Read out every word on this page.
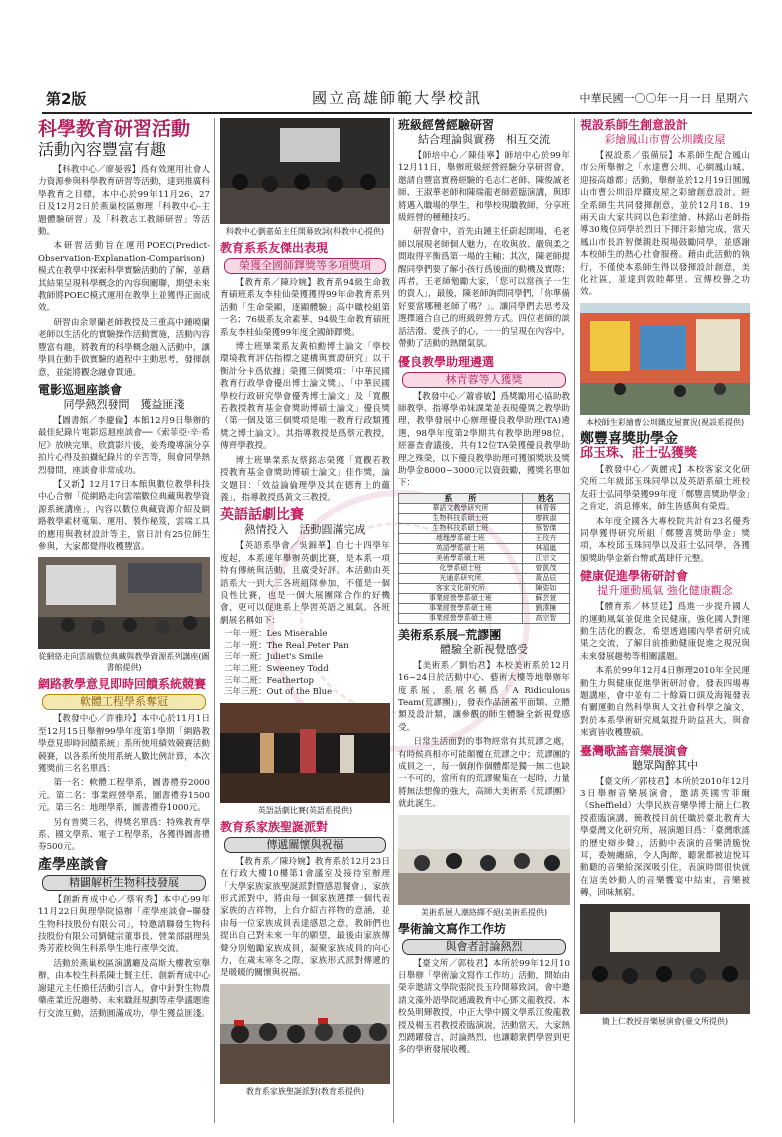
第2版	國立高雄師範大學校訊	中華民國一〇〇年一月一日 星期六
科學教育研習活動
活動內容豐富有趣

【科教中心／廖晏蓉】爲有效運用社會人力資源參與科學教育研習等活動，達到推廣科學教育之目標，本中心於99年11月26、27日及12月2日於燕巢校區辦理「科教中心-主題體驗研習」及「科教志工教師研習」等活動。

本研習活動旨在運用POEC(Predict-Observation-Explanation-Comparison)模式在教學中探索科學實驗活動的了解，並藉其結果呈現科學概念的內容與關聯，期望未來教師將POEC模式運用在教學上並獲得正面成效。

研習由余翠蘭老師教授及三重高中鍾曉蘭老師以生活化的實驗操作活動實施，活動內容豐富有趣，將教育的科學概念融入活動中，讓學員在動手做實驗的過程中主動思考，發揮創意，並能將觀念融會貫通。

電影巡迴座談會
同學熱烈發問　獲益匪淺

【圖書館／李慶倫】本館12月9日舉辦的最佳紀錄片電影巡迴座談會──《索菲亞·辛·希尼》放映完畢，欣賞影片後，姜秀瓊導演分享拍片心得及拍攝紀錄片的辛苦等，與會同學熱烈發問，座談會非常成功。

【又新】12月17日本館與數位教學科技中心合辦「從網路走向雲端數位典藏與教學資源系統講座」，內容以數位典藏資源介紹及網路教學素材蒐集、運用、製作秘笈，雲端工具的應用與教材設計等主，當日計有25位師生參與，大家都覺得收穫豐富。

從網絡走向雲端數位典藏與教學資源系列講座(圖書館提供)
網路教學意見即時回饋系統競賽
軟體工程學系奪冠

【教發中心／許雅玲】本中心於11月1日至12月15日舉辦99學年度第1學期「網路教學意見即時回饋系統」系所使用績效競賽活動競賽，以各系所使用系統人數比例計算，本次獲獎前三名名單爲：

第一名：軟體工程學系，圖書禮券2000元。第二名：事業經營學系，圖書禮券1500元。第三名：地理學系，圖書禮券1000元。

另有普獎三名，得獎名單爲：特殊教育學系、國文學系、電子工程學系，各獲得圖書禮券500元。

產學座談會
精闢解析生物科技發展

【創新育成中心／蔡宥秀】本中心99年11月22日與理學院協辦「產學座談會─聯發生物科技股份有限公司」，特邀請聯發生物科技股份有限公司劉健宗董事長、營業部副理吳秀芳蒞校與生科系學生進行產學交流。

活動於燕巢校區演講廳及高斯大樓教室舉辦，由本校生科系陳士賢主任、創新育成中心謝建元主任擔任活動引言人，會中針對生物農藥產業近況趨勢、未來職涯規劃等產學議題進行交流互動，活動圓滿成功，學生獲益匪淺。

科教中心劉嘉茹主任開幕致詞(科教中心提供)
教育系系友傑出表現
榮獲全國師鐸獎等多項獎項

【教育系／陳玲婉】教育系94級生命教育碩班系友李桂仙榮獲獲得99年命教育系列活動「生命榮顯，逐顯體驗」高中職校組第一名；76級系友余素華、94級生命教育碩班系友李桂仙榮獲99年度全國師鐸獎。

博士班畢業系友黃柏勳博士論文「學校環境教育評估指標之建構與實證研究」以干衡計分卡爲依據」榮獲三個獎項：「中華民國教育行政學會優出博士論文獎」、「中華民國學校行政研究學會優秀博士論文」及「寬觀若教授教育基金會獎助博碩士論文」優良獎（第一個及第三個獎項是唯一教育行政類獲獎之博士論文）。其指導教授是爲蔡元教授，傳齊學教授。

博士班畢業系友蔡銘志榮獲「寬觀若教授教育基金會獎助博碩士論文」佳作獎，論文題目：「效益論倫理學及其在德育上的蘊義」，指導教授爲黃文三教授。

英語話劇比賽
熱情投入　活動圓滿完成

【英語系學會／吳錦華】自七十四學年度起，本系連年舉辦英劇比賽，是本系一項特有傳統與活動，且廣受好評。本活動由英語系大一到大三各班組隊參加，不僅是一個良性比賽，也是一個大展團隊合作的好機會，更可以促進系上學習英語之風氣。各班劇展名稱如下：

一年一班：Les Miserable
二年一班：The Real Peter Pan
三年一班：Juliet's Smile
二年二班：Sweeney Todd
三年二班：Feathertop
三年三班：Out of the Blue
英語話劇比賽(英語系提供)
教育系家族聖誕派對
傳遞關懷與祝福

【教育系／陳玲婉】教育系於12月23日在行政大樓10樓第1會議室及接待室辦理「大學家族家族聖誕派對暨感恩餐會」，家族形式派對中，將由每一個家族選擇一個代表家族的吉祥物，上台介紹吉祥物的意涵，並由每一位家族成員表達感恩之意，教師們也提出自己對未來一年的願望，最後由家族傳聲分別勉勵家族成員，凝聚家族成員的向心力，在歲末寒冬之際，家族形式派對傳遞的是暖暖的關懷與祝福。

教育系家族聖誕派對(教育系提供)
班級經營經驗研習
結合理論與實務　相互交流

【師培中心／陳佳寧】師培中心於99年12月11日，舉辦班級經營經驗分享研習會，邀請自豐富實務經驗的毛志仁老師、陳俊誠老師、王淑華老師和陳瑞龍老師蒞臨演講，與即將邁入職場的學生，和學校現職教師，分享班級經營的種種技巧。

研習會中，首先由鍾主任蔚起開場，毛老師以展現老師個人魅力，在收與放、嚴與柔之間取得平衡爲第一場的主軸；其次，陳老師提醒同學們要了解小孩行爲後面的動機及實際；再者，王老師勉勵大家，「您可以當孩子一生的貴人」，最後，陳老師詢問同學們，「你準備好要當哪種老師了嗎？」。讓同學們去思考及選擇適合自己的班級經營方式。四位老師的談話活潑、愛孩子的心，一一的呈現在內容中，帶動了活動的熱鬧氣氛。

優良教學助理遴選
林青蓉等人獲獎

【教發中心／蕭睿敏】爲獎勵用心協助教師教學、指導學弟妹課業並表現優異之教學助理，教學發展中心辦理優良教學助理(TA)遴選，98學年度第2學期共有教學助理98位，經審查會議後，共有12位TA榮獲優良教學助理之殊榮，以下優良教學助理可獲頒獎狀及獎助學金8000~3000元以資鼓勵，獲獎名單如下：

系　　所	姓名
華語文教學研究所	林青蓉
生物科技系碩士班	廖筱淑
生物科技系碩士班	蔡智傑
地理學系碩士班	王玫卉
英語學系碩士班	林福嵐
美術學系碩士班	江宗文
化學系碩士班	曾凱茂
光通系研究所	黃品辰
客家文化研究所	陳姿如
事業經營學系碩士班	蘇芸萱
事業經營學系碩士班	劉湊擁
事業經營學系碩士班	高宗智
美術系系展─荒謬團
體驗全新視覺感受

【美術系／劉怡君】本校美術系於12月16~24日於活動中心、藝術大樓等地舉辦年度系展，系展名稱爲「A Ridiculous Team(荒謬團)」，發表作品涵蓋平面類、立體類及設計類，讓參觀的師生體驗全新視覺感受。

日常生活面對的事物經常有其荒謬之處，有時候真相亦可能顛覆在荒謬之中；荒謬團的成員之一，每一個創作個體都是獨一無二也缺一不可的，當所有的荒謬聚集在一起時，力量將無法想像的強大，高師大美術系《荒謬團》就此誕生。

美術系展人潮絡繹不絕(美術系提供)
學術論文寫作工作坊
與會者討論熱烈

【臺文所／郭枝君】本所於99年12月10日舉辦「學術論文寫作工作坊」活動，開始由榮幸邀請文學院張院長玉玲開幕致詞，會中邀請文藻外語學院通識教育中心鄧文龍教授、本校吳明輝教授，中正大學中國文學系江俊龍教授及楊玉君教授蒞臨演說，活動當天，大家熱烈踴躍發言，討論熱烈，也讓聽衆們學習到更多的學術發展收穫。

視設系師生創意設計
彩繪鳳山市曹公圳鐵皮屋

【視設系／張備辰】本系師生配合鳳山市公所舉辦之「水達曹公圳、心網鳳山城、迎接高雄都」活動，舉辦並於12月19日圓鳳山市曹公圳沿岸鐵皮屋之彩繪創意設計。經全系師生共同發揮創意，並於12月18、19兩天由大家共同以色彩塗繪、林銘山老師指導30幾位同學於烈日下揮汗彩繪完成，當天鳳山市長許智傑親赴現場鼓勵同學，並感謝本校師生的熱心社會服務。藉由此活動的執行，不僅使本系師生得以發揮設計創意，美化社區，並達到敦睦鄰里、宣傳校譽之功效。

本校師生彩繪曹公圳鐵皮屋實況(視設系提供)
鄭豐喜獎助學金
邱玉珠、莊士弘獲獎

【教發中心／黃麗戎】本校客家文化研究所二年級邱玉珠同學以及英語系碩士班校友莊士弘同學榮獲99年度「鄭豐喜獎助學金」之肯定，消息傳來，師生皆感與有榮焉。

本年度全國各大專校院共計有23名優秀同學獲得研究所組「鄭豐喜獎助學金」獎項，本校邱玉珠同學以及莊士弘同學，各獲頒獎助學金新台幣貳萬肆仟元整。

健康促進學術研討會
提升運動風氣 強化健康觀念

【體育系／林昱廷】爲進一步提升國人的運動風氣並促進全民健康，強化國人對運動生活化的觀念，希望透過國內學者研究成果之交流，了解目前推動健康促進之現況與未來發展趨勢等相關議題。

本系於99年12月4日辦理2010年全民運動生力與健康促進學術研討會，發表四場專題講座，會中並有二十餘篇口頭及海報發表有關運動自然科學與人文社會科學之論文，對於本系學術研究風氣提升助益甚大，與會來賓皆收穫豐碩。

臺灣歌謠音樂展演會
聽眾陶醉其中

【臺文所／郭枝君】本所於2010年12月3日舉辦音樂展演會，邀請英國雪菲爾（Sheffield）大學民族音樂學博士簡上仁教授蒞臨演講，簡教授目前任職於臺北教育大學臺灣文化研究所，展演題目爲：「臺灣歌謠的歷史辯步聲」，活動中表演的音樂清脆悅耳，委婉纏綿，令人陶醉，聽衆都被這悅耳動聽的音樂給深深吸引住，表演時間很快就在這美妙動人的音樂饗宴中結束，音樂被轉，回味無窮。

簡上仁教授音樂展演會(臺文所提供)
